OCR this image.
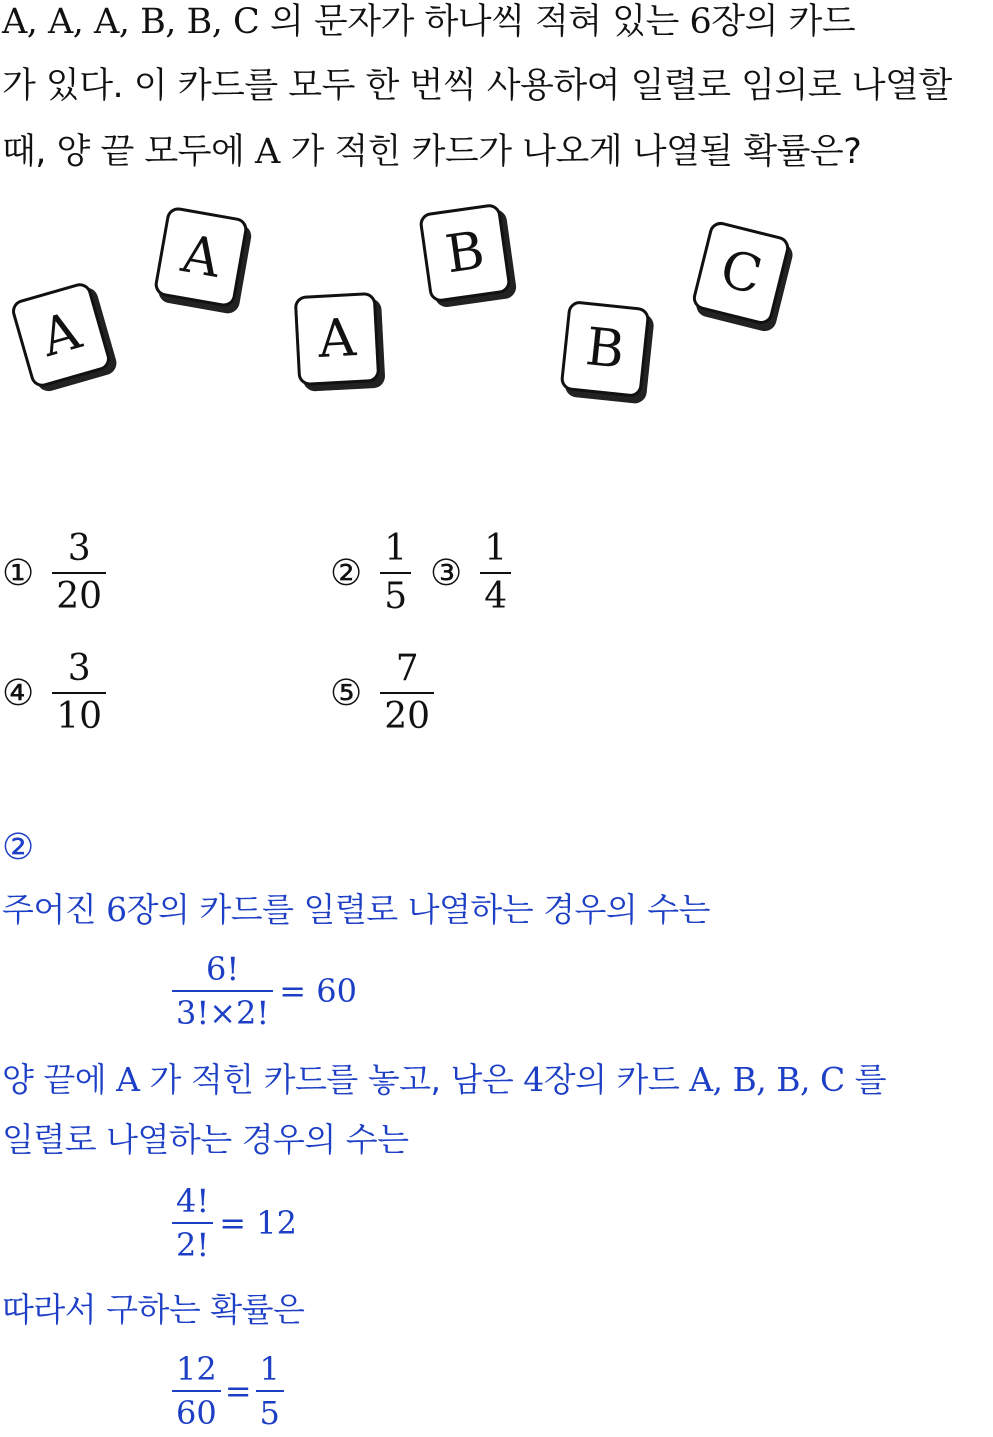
A, A, A, B, B, C 의 문자가 하나씩 적혀 있는 6장의 카드
가 있다. 이 카드를 모두 한 번씩 사용하여 일렬로 임의로 나열할
때, 양 끝 모두에 A 가 적힌 카드가 나오게 나열될 확률은?
A
A
A
B
B
C
① $\frac{3}{20}$	② $\frac{1}{5}$ ③ $\frac{1}{4}$
④ $\frac{3}{10}$	⑤ $\frac{7}{20}$
②
주어진 6장의 카드를 일렬로 나열하는 경우의 수는
$\frac{6!}{3!\times 2!} = 60$
양 끝에 A 가 적힌 카드를 놓고, 남은 4장의 카드 A, B, B, C 를
일렬로 나열하는 경우의 수는
$\frac{4!}{2!} = 12$
따라서 구하는 확률은
$\frac{12}{60} = \frac{1}{5}$
